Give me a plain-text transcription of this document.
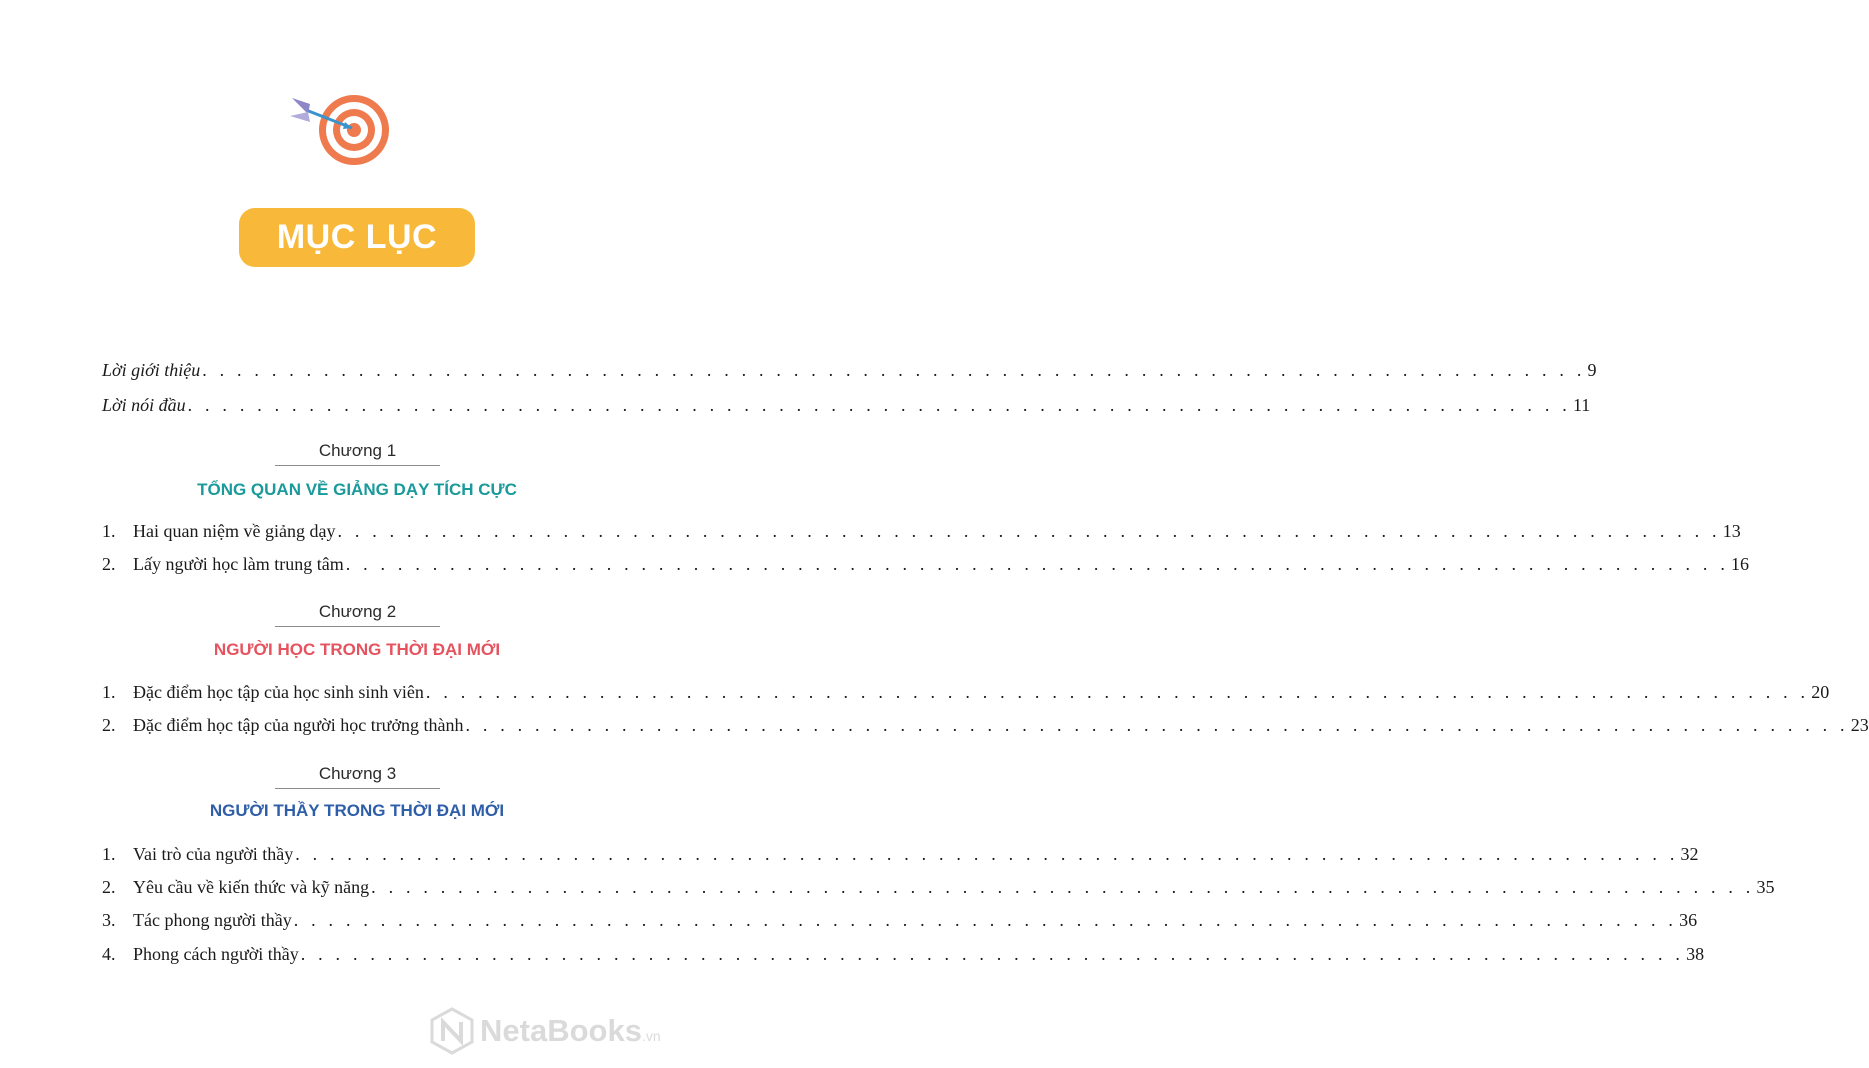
MỤC LỤC
Lời giới thiệu . . . . . . . . . . . . . . . . . . . . . . . . . . . . . . . . . . . . . . . . . . . . . . . . . . . . . . . . . . . . . . . . . . . . . . . . . . . . . . . . 9
Lời nói đầu . . . . . . . . . . . . . . . . . . . . . . . . . . . . . . . . . . . . . . . . . . . . . . . . . . . . . . . . . . . . . . . . . . . . . . . . . . . . . . . . 11
Chương 1
TỔNG QUAN VỀ GIẢNG DẠY TÍCH CỰC
1. Hai quan niệm về giảng dạy . . . . . . . . . . . . . . . . . . . . . . . . . . . . . . . . . . . . . . . . . . . . . . . . . . . . . . . . . . . . . . . . . . . . . . . . . . . . . . . . 13
2. Lấy người học làm trung tâm . . . . . . . . . . . . . . . . . . . . . . . . . . . . . . . . . . . . . . . . . . . . . . . . . . . . . . . . . . . . . . . . . . . . . . . . . . . . . . . . 16
Chương 2
NGƯỜI HỌC TRONG THỜI ĐẠI MỚI
1. Đặc điểm học tập của học sinh sinh viên . . . . . . . . . . . . . . . . . . . . . . . . . . . . . . . . . . . . . . . . . . . . . . . . . . . . . . . . . . . . . . . . . . . . . . . . . . . . . . . . 20
2. Đặc điểm học tập của người học trưởng thành . . . . . . . . . . . . . . . . . . . . . . . . . . . . . . . . . . . . . . . . . . . . . . . . . . . . . . . . . . . . . . . . . . . . . . . . . . . . . . . . 23
Chương 3
NGƯỜI THẦY TRONG THỜI ĐẠI MỚI
1. Vai trò của người thầy . . . . . . . . . . . . . . . . . . . . . . . . . . . . . . . . . . . . . . . . . . . . . . . . . . . . . . . . . . . . . . . . . . . . . . . . . . . . . . . . 32
2. Yêu cầu về kiến thức và kỹ năng . . . . . . . . . . . . . . . . . . . . . . . . . . . . . . . . . . . . . . . . . . . . . . . . . . . . . . . . . . . . . . . . . . . . . . . . . . . . . . . . 35
3. Tác phong người thầy . . . . . . . . . . . . . . . . . . . . . . . . . . . . . . . . . . . . . . . . . . . . . . . . . . . . . . . . . . . . . . . . . . . . . . . . . . . . . . . . 36
4. Phong cách người thầy . . . . . . . . . . . . . . . . . . . . . . . . . . . . . . . . . . . . . . . . . . . . . . . . . . . . . . . . . . . . . . . . . . . . . . . . . . . . . . . . 38
NetaBooks.vn
